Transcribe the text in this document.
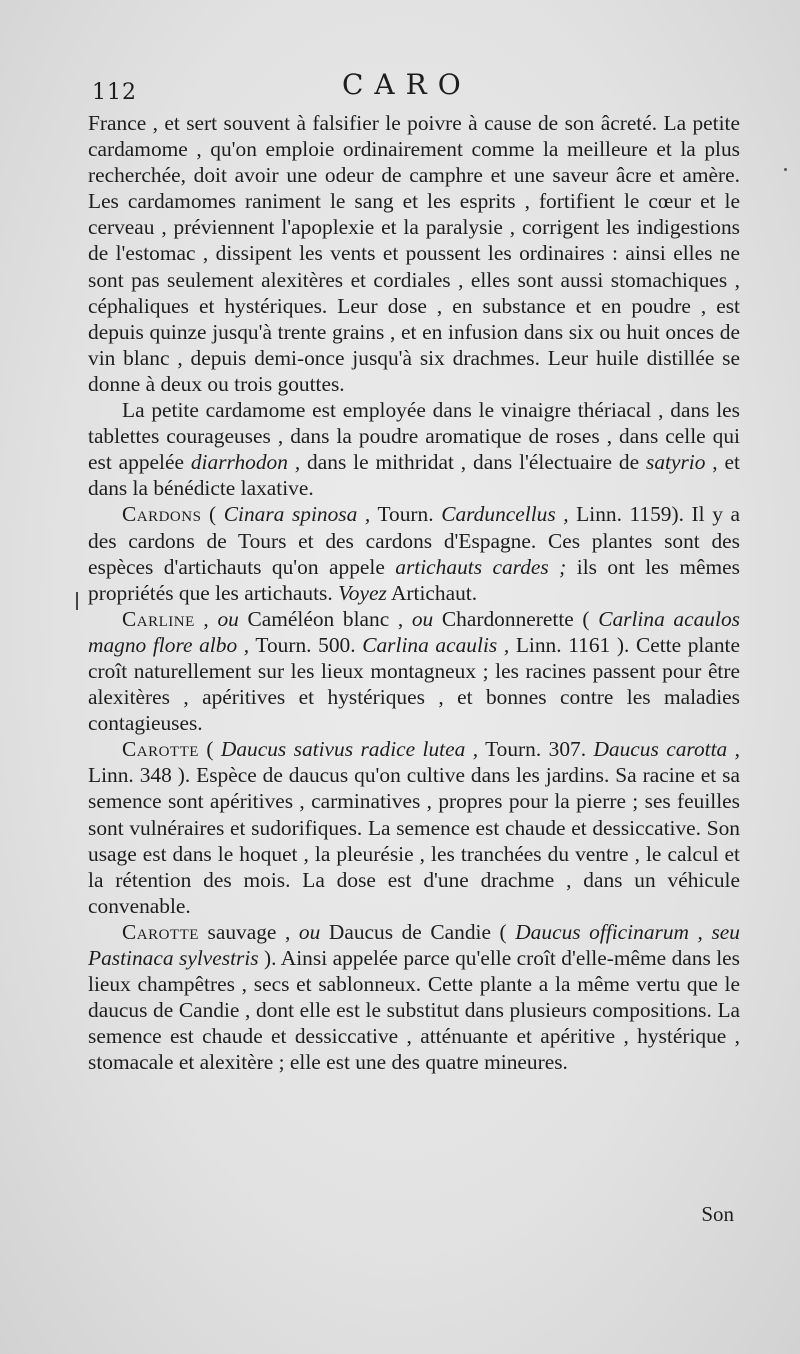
112	CARO

France , et sert souvent à falsifier le poivre à cause de son âcreté. La petite cardamome , qu'on emploie ordinairement comme la meilleure et la plus recherchée, doit avoir une odeur de camphre et une saveur âcre et amère. Les cardamomes raniment le sang et les esprits , fortifient le cœur et le cerveau , préviennent l'apoplexie et la paralysie , corrigent les indigestions de l'estomac , dissipent les vents et poussent les ordinaires : ainsi elles ne sont pas seulement alexitères et cordiales , elles sont aussi stomachiques , céphaliques et hystériques. Leur dose , en substance et en poudre , est depuis quinze jusqu'à trente grains , et en infusion dans six ou huit onces de vin blanc , depuis demi-once jusqu'à six drachmes. Leur huile distillée se donne à deux ou trois gouttes.

La petite cardamome est employée dans le vinaigre thériacal , dans les tablettes courageuses , dans la poudre aromatique de roses , dans celle qui est appelée diarrhodon , dans le mithridat , dans l'électuaire de satyrio , et dans la bénédicte laxative.

Cardons ( Cinara spinosa , Tourn. Carduncellus , Linn. 1159). Il y a des cardons de Tours et des cardons d'Espagne. Ces plantes sont des espèces d'artichauts qu'on appele artichauts cardes ; ils ont les mêmes propriétés que les artichauts. Voyez Artichaut.

Carline , ou Caméléon blanc , ou Chardonnerette ( Carlina acaulos magno flore albo , Tourn. 500. Carlina acaulis , Linn. 1161 ). Cette plante croît naturellement sur les lieux montagneux ; les racines passent pour être alexitères , apéritives et hystériques , et bonnes contre les maladies contagieuses.

Carotte ( Daucus sativus radice lutea , Tourn. 307. Daucus carotta , Linn. 348 ). Espèce de daucus qu'on cultive dans les jardins. Sa racine et sa semence sont apéritives , carminatives , propres pour la pierre ; ses feuilles sont vulnéraires et sudorifiques. La semence est chaude et dessiccative. Son usage est dans le hoquet , la pleurésie , les tranchées du ventre , le calcul et la rétention des mois. La dose est d'une drachme , dans un véhicule convenable.

Carotte sauvage , ou Daucus de Candie ( Daucus officinarum , seu Pastinaca sylvestris ). Ainsi appelée parce qu'elle croît d'elle-même dans les lieux champêtres , secs et sablonneux. Cette plante a la même vertu que le daucus de Candie , dont elle est le substitut dans plusieurs compositions. La semence est chaude et dessiccative , atténuante et apéritive , hystérique , stomacale et alexitère ; elle est une des quatre mineures.

Son
